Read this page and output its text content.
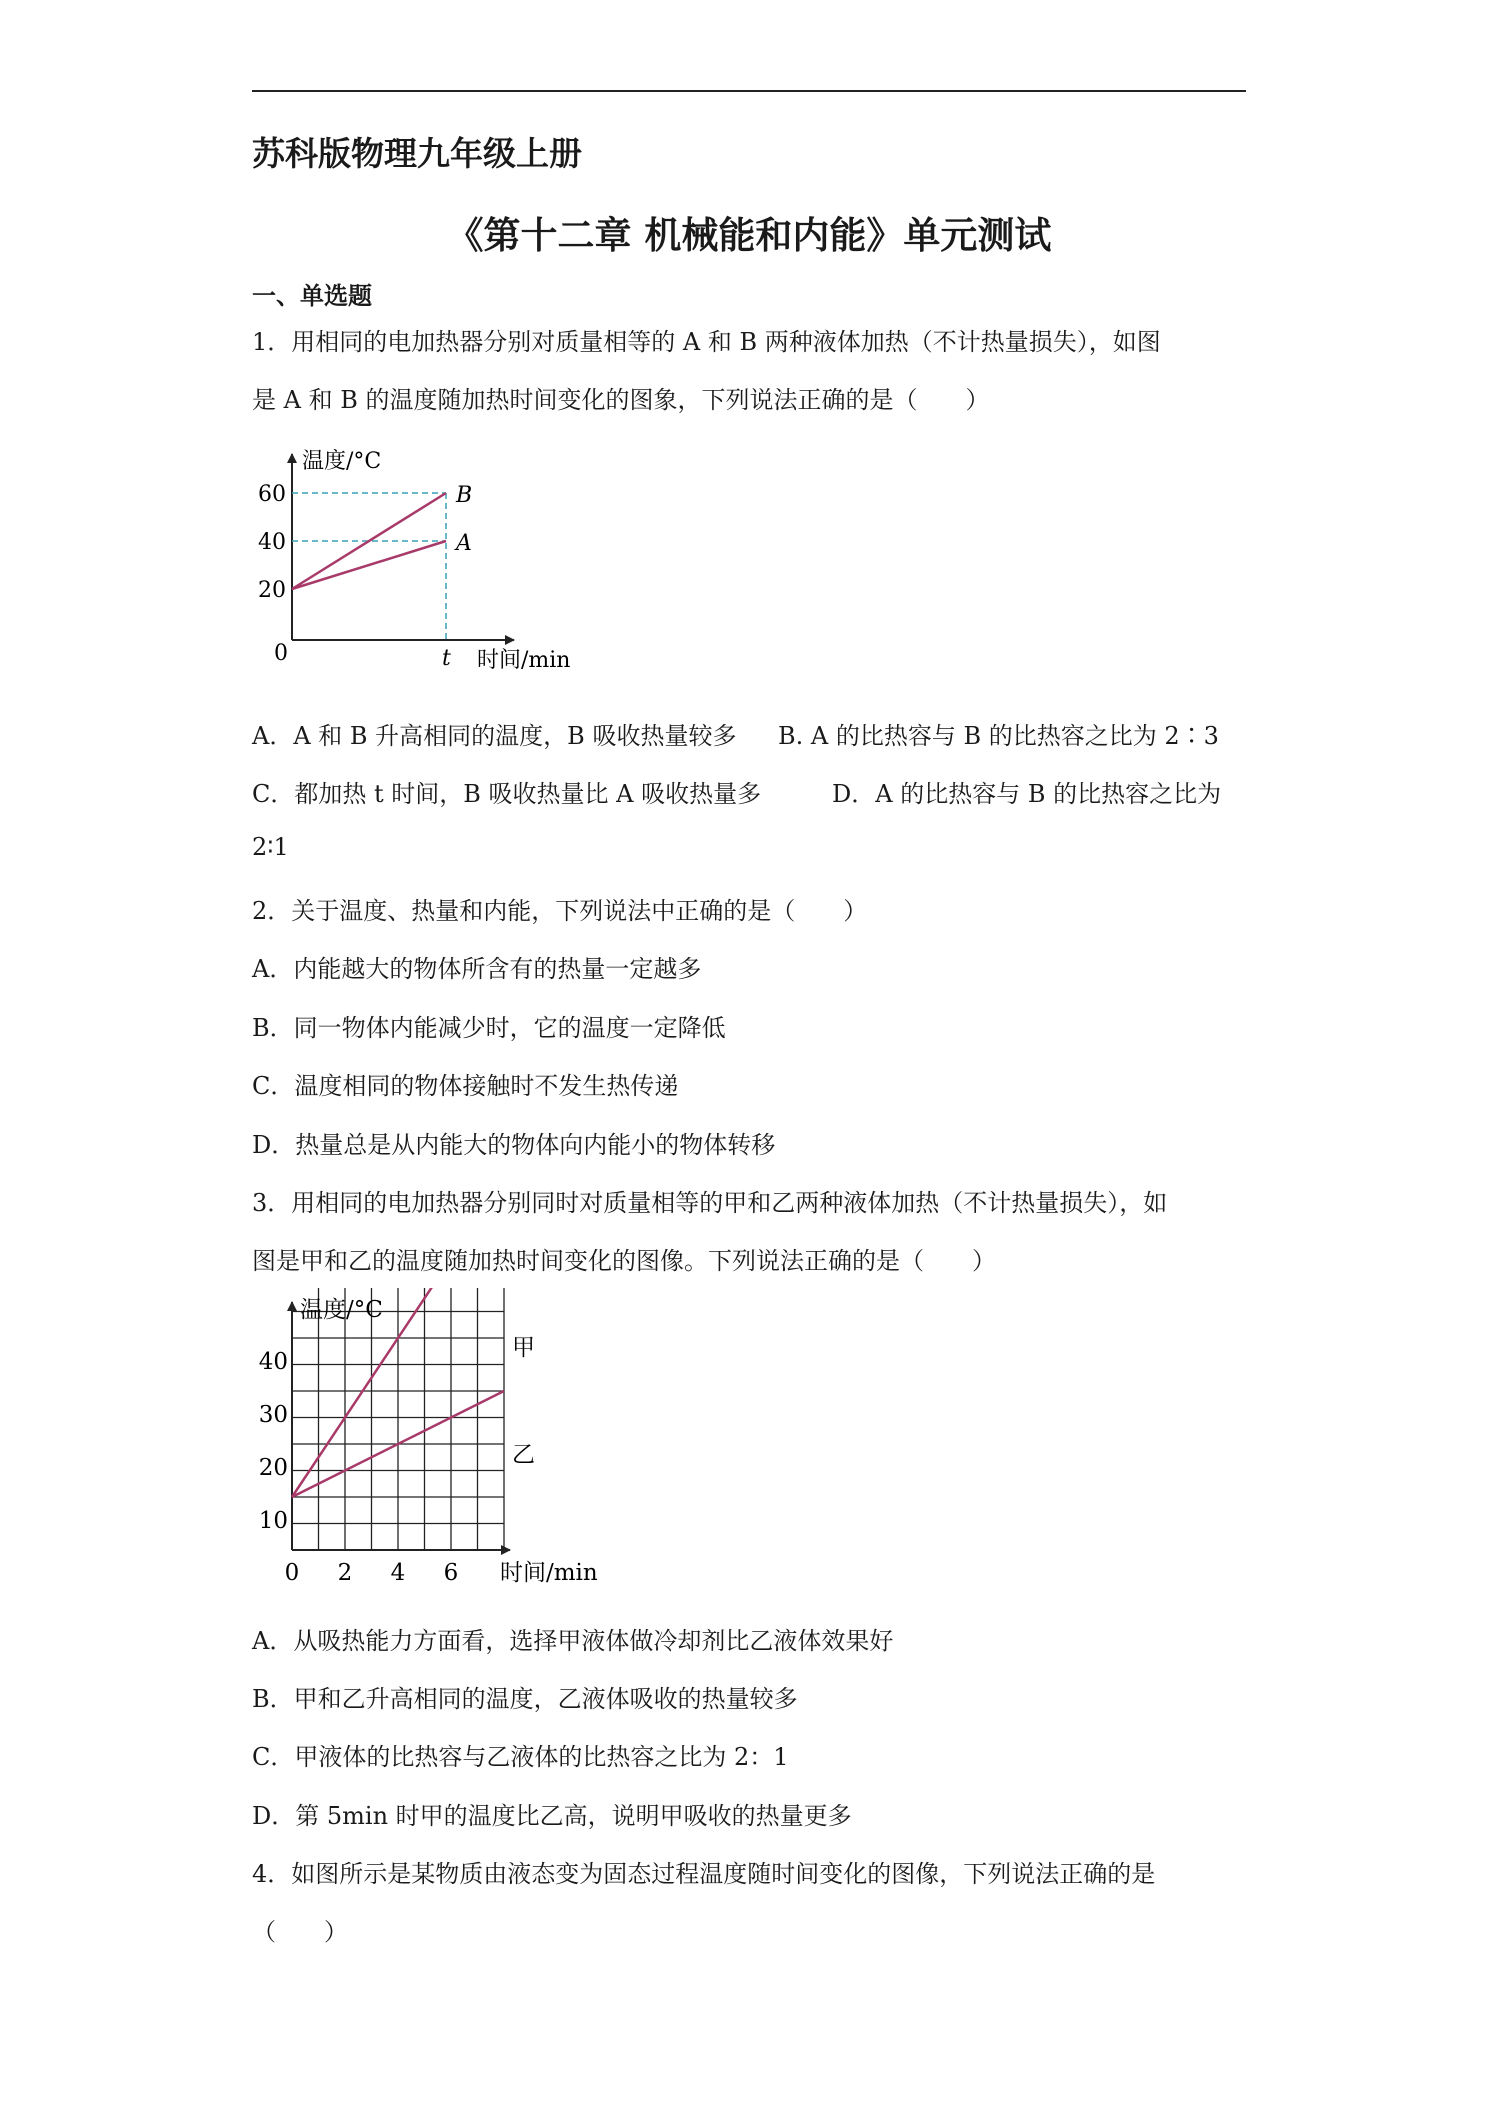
苏科版物理九年级上册
《第十二章 机械能和内能》单元测试
一、单选题
1．用相同的电加热器分别对质量相等的 A 和 B 两种液体加热（不计热量损失），如图
是 A 和 B 的温度随加热时间变化的图象，下列说法正确的是（　　）
温度/°C
时间/min
0	t
20
40
60	B
A
A．A 和 B 升高相同的温度，B 吸收热量较多 B. A 的比热容与 B 的比热容之比为 2∶3
C．都加热 t 时间，B 吸收热量比 A 吸收热量多	D．A 的比热容与 B 的比热容之比为
2∶1
2．关于温度、热量和内能，下列说法中正确的是（　　）
A．内能越大的物体所含有的热量一定越多
B．同一物体内能减少时，它的温度一定降低
C．温度相同的物体接触时不发生热传递
D．热量总是从内能大的物体向内能小的物体转移
3．用相同的电加热器分别同时对质量相等的甲和乙两种液体加热（不计热量损失），如
图是甲和乙的温度随加热时间变化的图像。下列说法正确的是（　　）
温度/°C
时间/min
40
30
20
10
0 2 4 6
甲
乙
A．从吸热能力方面看，选择甲液体做冷却剂比乙液体效果好
B．甲和乙升高相同的温度，乙液体吸收的热量较多
C．甲液体的比热容与乙液体的比热容之比为 2：1
D．第 5min 时甲的温度比乙高，说明甲吸收的热量更多
4．如图所示是某物质由液态变为固态过程温度随时间变化的图像，下列说法正确的是
（　　）
